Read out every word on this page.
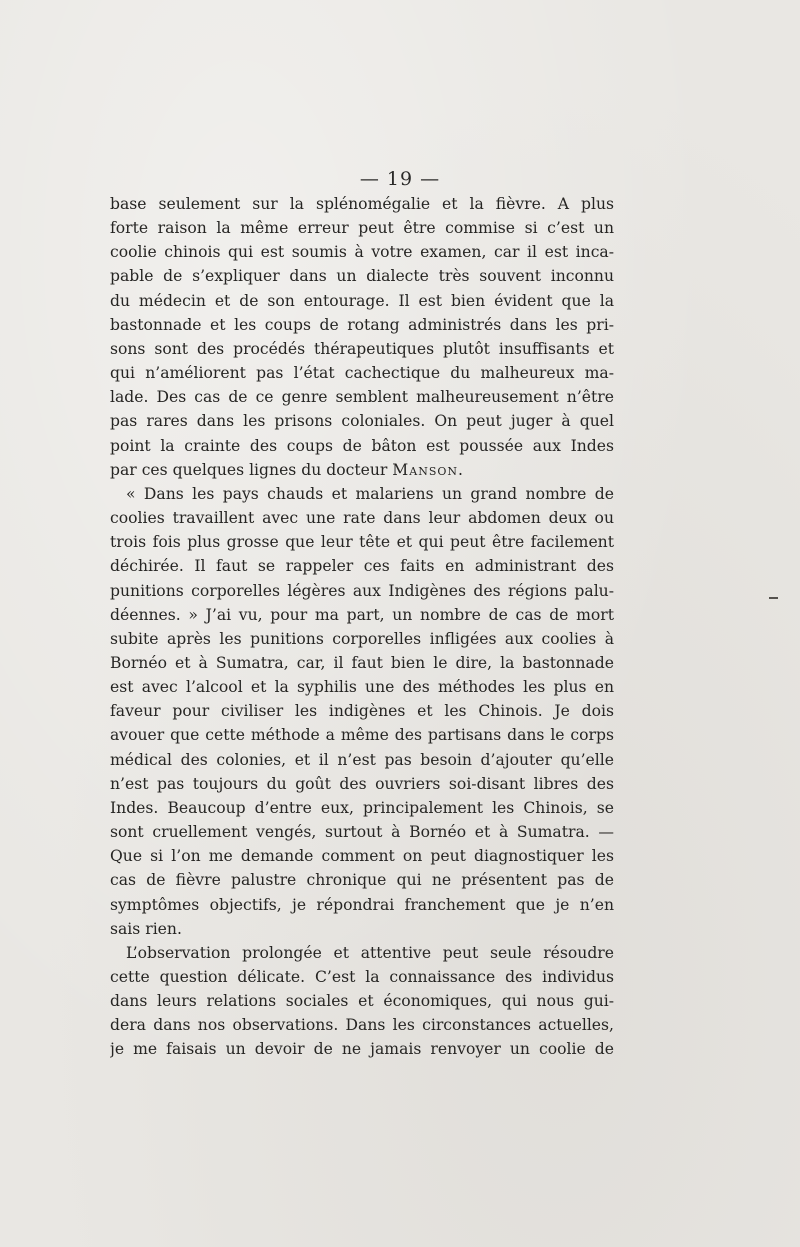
— 19 —
base seulement sur la splénomégalie et la fièvre. A plus
forte raison la même erreur peut être commise si c’est un
coolie chinois qui est soumis à votre examen, car il est inca-
pable de s’expliquer dans un dialecte très souvent inconnu
du médecin et de son entourage. Il est bien évident que la
bastonnade et les coups de rotang administrés dans les pri-
sons sont des procédés thérapeutiques plutôt insuffisants et
qui n’améliorent pas l’état cachectique du malheureux ma-
lade. Des cas de ce genre semblent malheureusement n’être
pas rares dans les prisons coloniales. On peut juger à quel
point la crainte des coups de bâton est poussée aux Indes
par ces quelques lignes du docteur Manson.
« Dans les pays chauds et malariens un grand nombre de
coolies travaillent avec une rate dans leur abdomen deux ou
trois fois plus grosse que leur tête et qui peut être facilement
déchirée. Il faut se rappeler ces faits en administrant des
punitions corporelles légères aux Indigènes des régions palu-
déennes. » J’ai vu, pour ma part, un nombre de cas de mort
subite après les punitions corporelles infligées aux coolies à
Bornéo et à Sumatra, car, il faut bien le dire, la bastonnade
est avec l’alcool et la syphilis une des méthodes les plus en
faveur pour civiliser les indigènes et les Chinois. Je dois
avouer que cette méthode a même des partisans dans le corps
médical des colonies, et il n’est pas besoin d’ajouter qu’elle
n’est pas toujours du goût des ouvriers soi-disant libres des
Indes. Beaucoup d’entre eux, principalement les Chinois, se
sont cruellement vengés, surtout à Bornéo et à Sumatra. —
Que si l’on me demande comment on peut diagnostiquer les
cas de fièvre palustre chronique qui ne présentent pas de
symptômes objectifs, je répondrai franchement que je n’en
sais rien.
L’observation prolongée et attentive peut seule résoudre
cette question délicate. C’est la connaissance des individus
dans leurs relations sociales et économiques, qui nous gui-
dera dans nos observations. Dans les circonstances actuelles,
je me faisais un devoir de ne jamais renvoyer un coolie de
